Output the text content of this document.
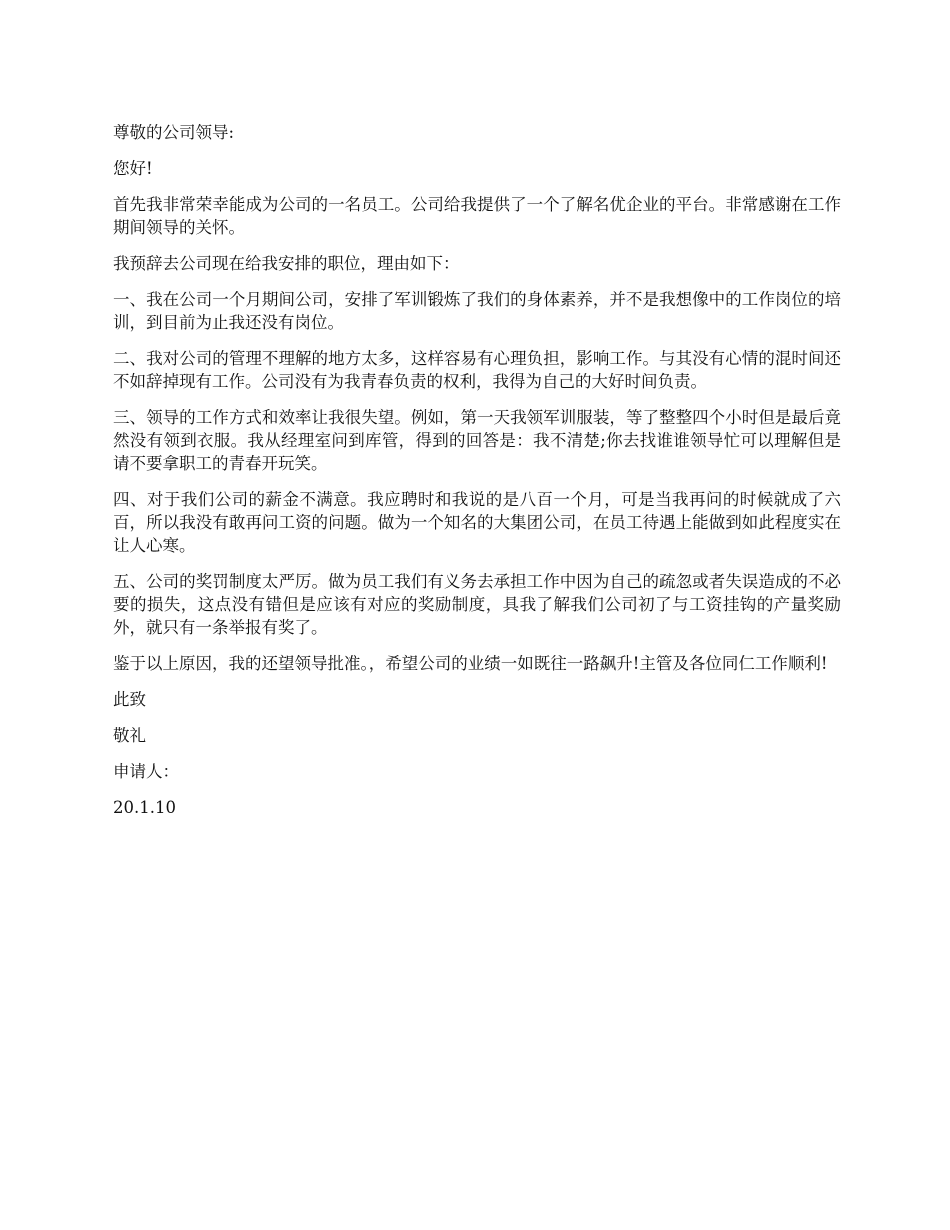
尊敬的公司领导:

您好!

首先我非常荣幸能成为公司的一名员工。公司给我提供了一个了解名优企业的平台。非常感谢在工作期间领导的关怀。

我预辞去公司现在给我安排的职位，理由如下：

一、我在公司一个月期间公司，安排了军训锻炼了我们的身体素养，并不是我想像中的工作岗位的培训，到目前为止我还没有岗位。

二、我对公司的管理不理解的地方太多，这样容易有心理负担，影响工作。与其没有心情的混时间还不如辞掉现有工作。公司没有为我青春负责的权利，我得为自己的大好时间负责。

三、领导的工作方式和效率让我很失望。例如，第一天我领军训服装，等了整整四个小时但是最后竟然没有领到衣服。我从经理室问到库管，得到的回答是：我不清楚;你去找谁谁领导忙可以理解但是请不要拿职工的青春开玩笑。

四、对于我们公司的薪金不满意。我应聘时和我说的是八百一个月，可是当我再问的时候就成了六百，所以我没有敢再问工资的问题。做为一个知名的大集团公司，在员工待遇上能做到如此程度实在让人心寒。

五、公司的奖罚制度太严厉。做为员工我们有义务去承担工作中因为自己的疏忽或者失误造成的不必要的损失，这点没有错但是应该有对应的奖励制度，具我了解我们公司初了与工资挂钩的产量奖励外，就只有一条举报有奖了。

鉴于以上原因，我的还望领导批准。，希望公司的业绩一如既往一路飙升!主管及各位同仁工作顺利!

此致

敬礼

申请人：

20.1.10
